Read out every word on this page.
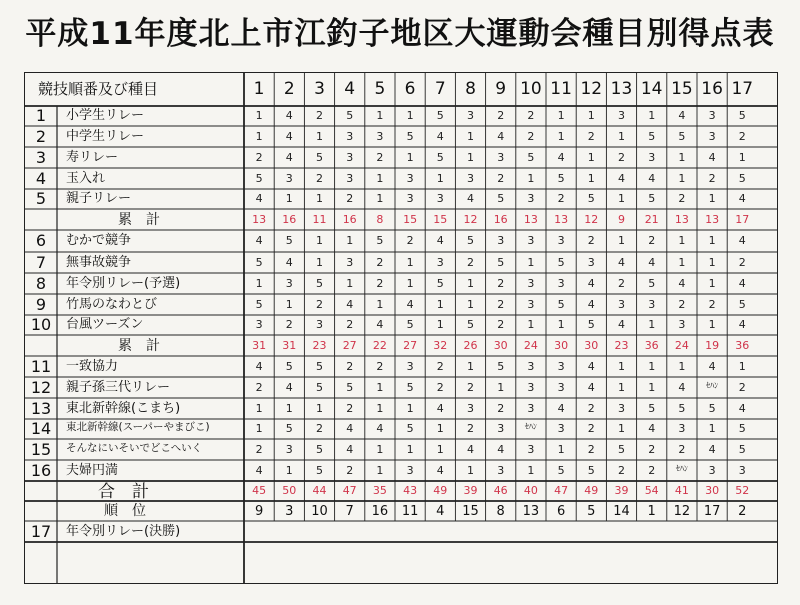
平成11年度北上市江釣子地区大運動会種目別得点表
競技順番及び種目	1	2	3	4	5	6	7	8	9 10 11 12 13 14 15 16 17
1	小学生リレー	1	4	2	5	1	1	5	3	2	2	1	1	3	1	4	3	5
2	中学生リレー	1	4	1	3	3	5	4	1	4	2	1	2	1	5	5	3	2
3	寿リレー	2	4	5	3	2	1	5	1	3	5	4	1	2	3	1	4	1
4	玉入れ	5	3	2	3	1	3	1	3	2	1	5	1	4	4	1	2	5
5	親子リレー	4	1	1	2	1	3	3	4	5	3	2	5	1	5	2	1	4
累　計	13	16	11	16	8	15	15	12	16	13	13	12	9	21	13	13	17
6	むかで競争	4	5	1	1	5	2	4	5	3	3	3	2	1	2	1	1	4
7	無事故競争	5	4	1	3	2	1	3	2	5	1	5	3	4	4	1	1	2
8	年令別リレー(予選)	1	3	5	1	2	1	5	1	2	3	3	4	2	5	4	1	4
9	竹馬のなわとび	5	1	2	4	1	4	1	1	2	3	5	4	3	3	2	2	5
10	台風ツーズン	3	2	3	2	4	5	1	5	2	1	1	5	4	1	3	1	4
累　計	31	31	23	27	22	27	32	26	30	24	30	30	23	36	24	19	36
11	一致協力	4	5	5	2	2	3	2	1	5	3	3	4	1	1	1	4	1
12	親子孫三代リレー	2	4	5	5	1	5	2	2	1	3	3	4	1	1	4	ｾﾊﾝ	2
13	東北新幹線(こまち)	1	1	1	2	1	1	4	3	2	3	4	2	3	5	5	5	4
14	東北新幹線(スーパーやまびこ)	1	5	2	4	4	5	1	2	3	ｾﾊﾝ	3	2	1	4	3	1	5
15	そんなにいそいでどこへいく	2	3	5	4	1	1	1	4	4	3	1	2	5	2	2	4	5
16	夫婦円満	4	1	5	2	1	3	4	1	3	1	5	5	2	2	ｾﾊﾝ	3	3
合　計	45	50	44	47	35	43	49	39	46	40	47	49	39	54	41	30	52
順　位	9	3	10	7	16	11	4	15	8	13	6	5	14	1	12	17	2
17	年令別リレー(決勝)
